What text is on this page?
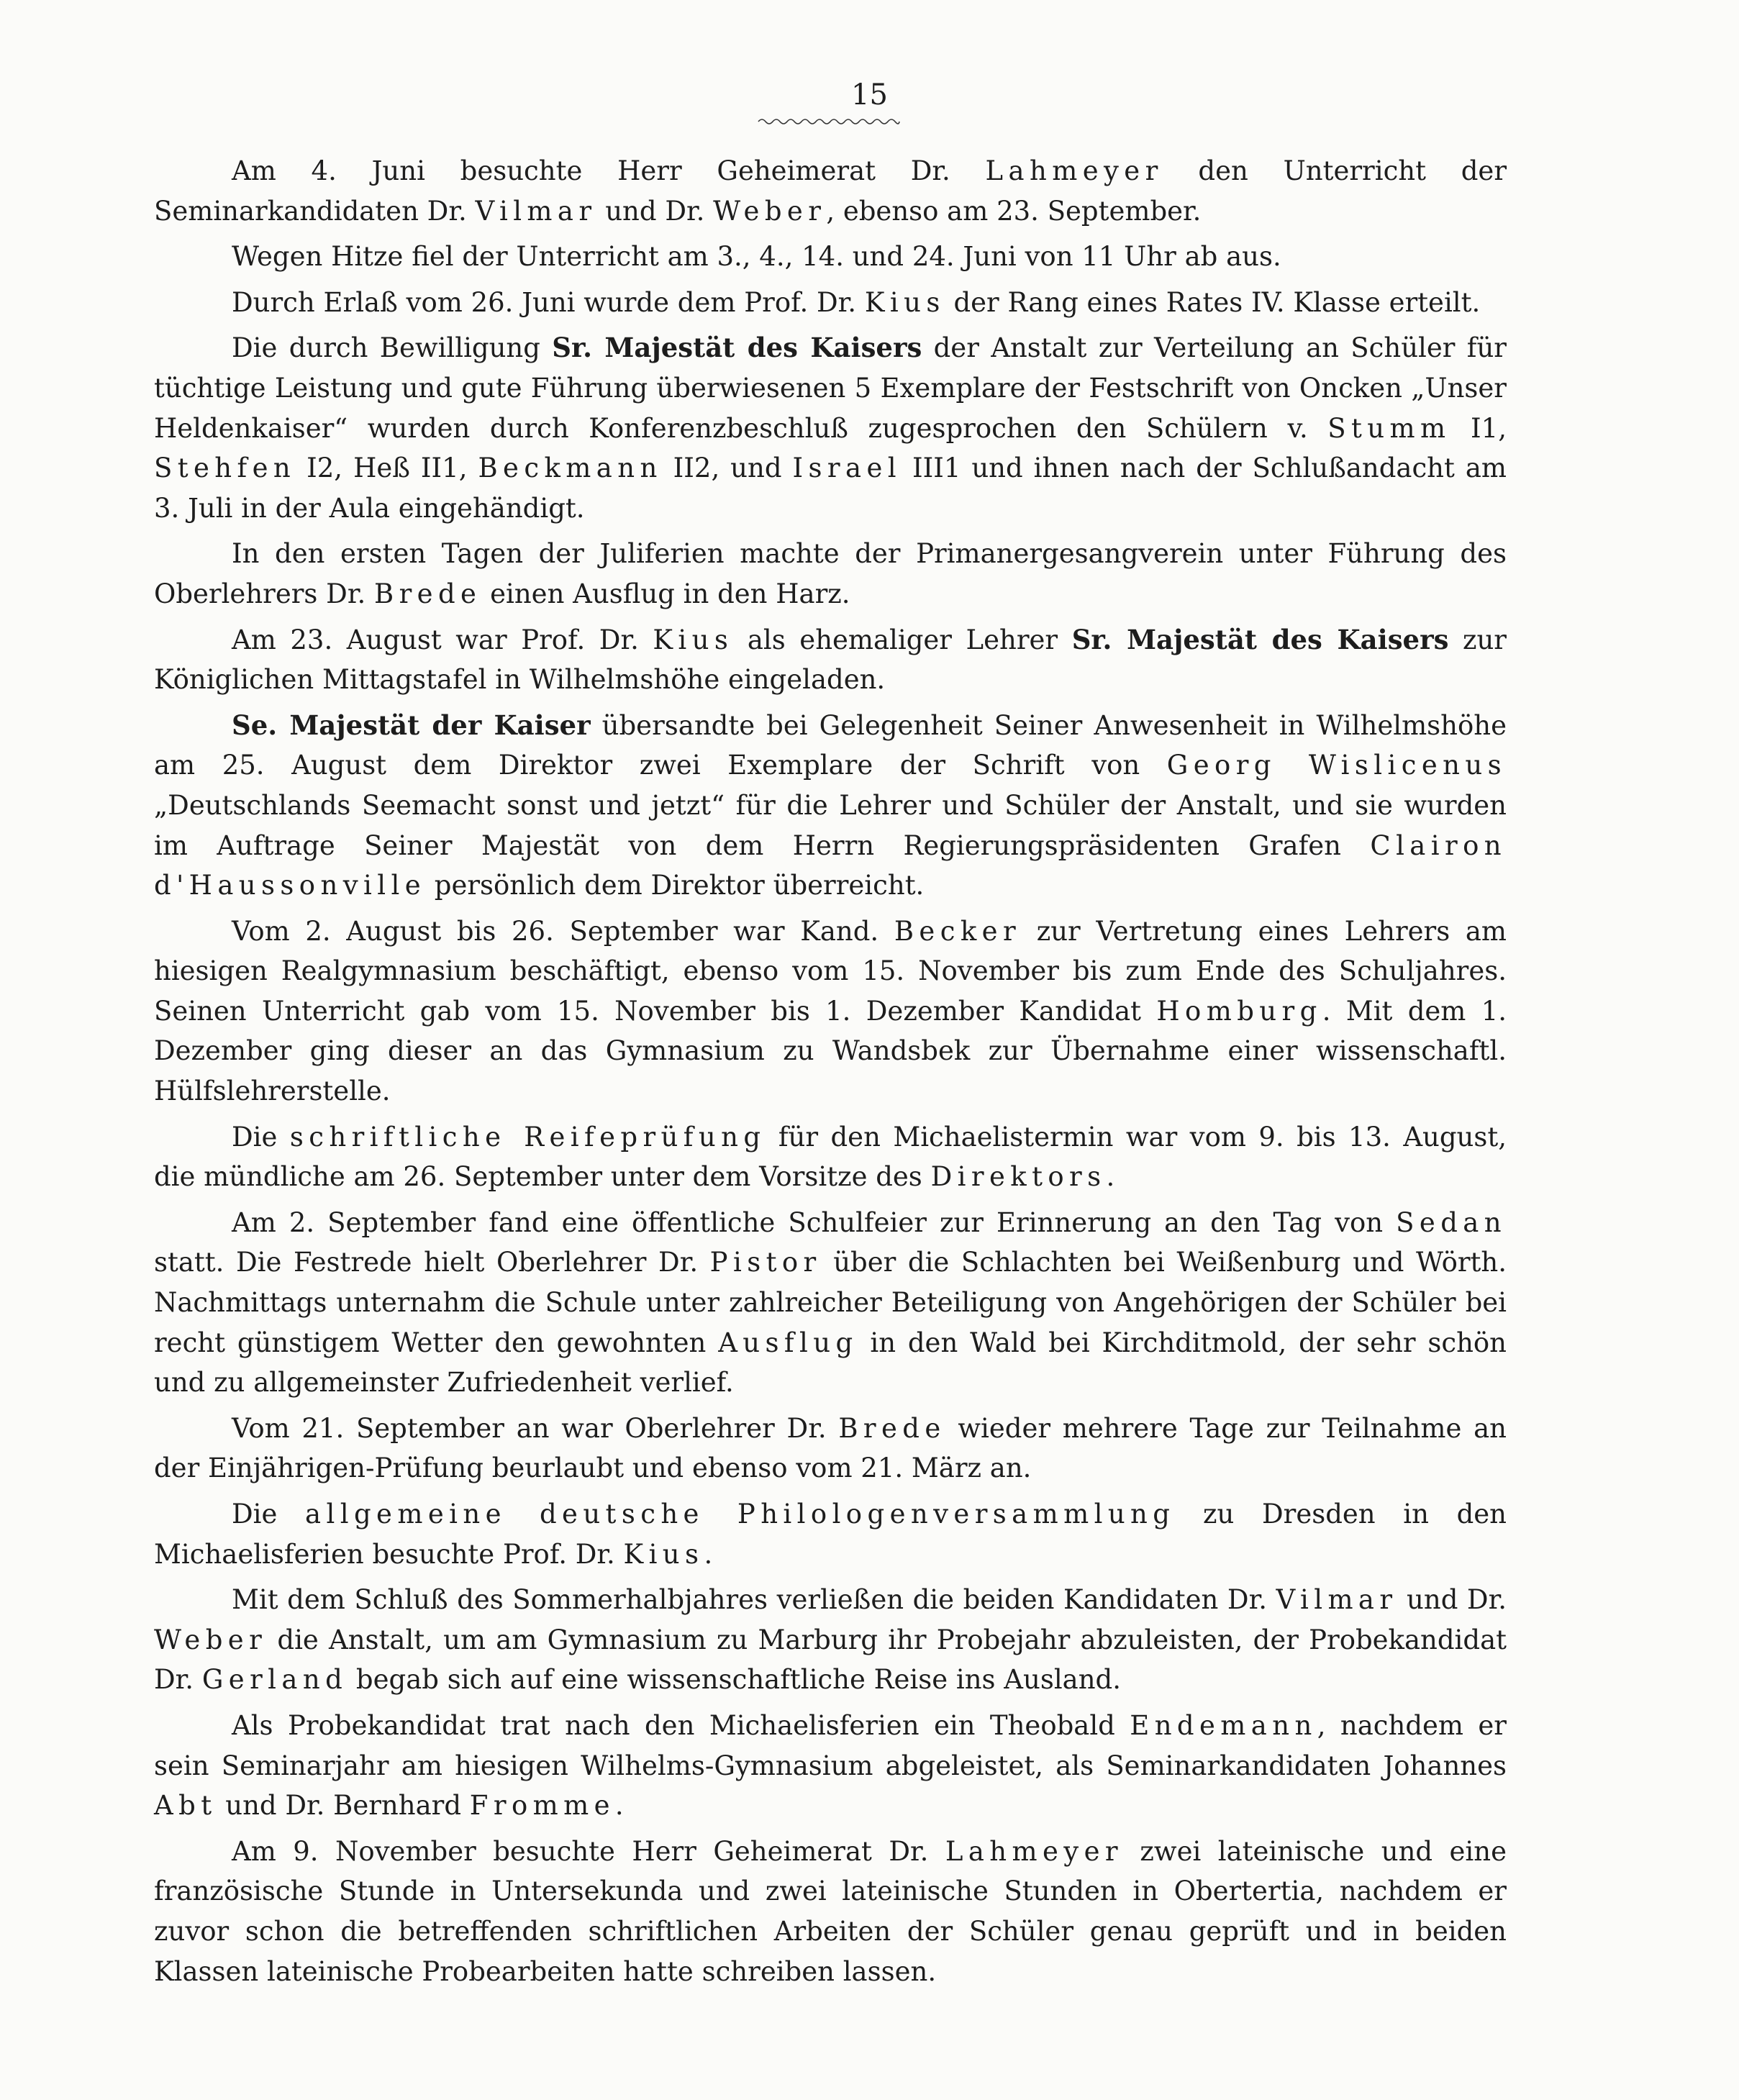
15

Am 4. Juni besuchte Herr Geheimerat Dr. Lahmeyer den Unterricht der Seminarkandidaten Dr. Vilmar und Dr. Weber, ebenso am 23. September.

Wegen Hitze fiel der Unterricht am 3., 4., 14. und 24. Juni von 11 Uhr ab aus.

Durch Erlaß vom 26. Juni wurde dem Prof. Dr. Kius der Rang eines Rates IV. Klasse erteilt.

Die durch Bewilligung Sr. Majestät des Kaisers der Anstalt zur Verteilung an Schüler für tüchtige Leistung und gute Führung überwiesenen 5 Exemplare der Festschrift von Oncken „Unser Heldenkaiser“ wurden durch Konferenzbeschluß zugesprochen den Schülern v. Stumm I1, Stehfen I2, Heß II1, Beckmann II2, und Israel III1 und ihnen nach der Schlußandacht am 3. Juli in der Aula eingehändigt.

In den ersten Tagen der Juliferien machte der Primanergesangverein unter Führung des Oberlehrers Dr. Brede einen Ausflug in den Harz.

Am 23. August war Prof. Dr. Kius als ehemaliger Lehrer Sr. Majestät des Kaisers zur Königlichen Mittagstafel in Wilhelmshöhe eingeladen.

Se. Majestät der Kaiser übersandte bei Gelegenheit Seiner Anwesenheit in Wilhelmshöhe am 25. August dem Direktor zwei Exemplare der Schrift von Georg Wislicenus „Deutschlands Seemacht sonst und jetzt“ für die Lehrer und Schüler der Anstalt, und sie wurden im Auftrage Seiner Majestät von dem Herrn Regierungspräsidenten Grafen Clairon d'Haussonville persönlich dem Direktor überreicht.

Vom 2. August bis 26. September war Kand. Becker zur Vertretung eines Lehrers am hiesigen Realgymnasium beschäftigt, ebenso vom 15. November bis zum Ende des Schuljahres. Seinen Unterricht gab vom 15. November bis 1. Dezember Kandidat Homburg. Mit dem 1. Dezember ging dieser an das Gymnasium zu Wandsbek zur Übernahme einer wissenschaftl. Hülfslehrerstelle.

Die schriftliche Reifeprüfung für den Michaelistermin war vom 9. bis 13. August, die mündliche am 26. September unter dem Vorsitze des Direktors.

Am 2. September fand eine öffentliche Schulfeier zur Erinnerung an den Tag von Sedan statt. Die Festrede hielt Oberlehrer Dr. Pistor über die Schlachten bei Weißenburg und Wörth. Nachmittags unternahm die Schule unter zahlreicher Beteiligung von Angehörigen der Schüler bei recht günstigem Wetter den gewohnten Ausflug in den Wald bei Kirchditmold, der sehr schön und zu allgemeinster Zufriedenheit verlief.

Vom 21. September an war Oberlehrer Dr. Brede wieder mehrere Tage zur Teilnahme an der Einjährigen-Prüfung beurlaubt und ebenso vom 21. März an.

Die allgemeine deutsche Philologenversammlung zu Dresden in den Michaelisferien besuchte Prof. Dr. Kius.

Mit dem Schluß des Sommerhalbjahres verließen die beiden Kandidaten Dr. Vilmar und Dr. Weber die Anstalt, um am Gymnasium zu Marburg ihr Probejahr abzuleisten, der Probekandidat Dr. Gerland begab sich auf eine wissenschaftliche Reise ins Ausland.

Als Probekandidat trat nach den Michaelisferien ein Theobald Endemann, nachdem er sein Seminarjahr am hiesigen Wilhelms-Gymnasium abgeleistet, als Seminarkandidaten Johannes Abt und Dr. Bernhard Fromme.

Am 9. November besuchte Herr Geheimerat Dr. Lahmeyer zwei lateinische und eine französische Stunde in Untersekunda und zwei lateinische Stunden in Obertertia, nachdem er zuvor schon die betreffenden schriftlichen Arbeiten der Schüler genau geprüft und in beiden Klassen lateinische Probearbeiten hatte schreiben lassen.
